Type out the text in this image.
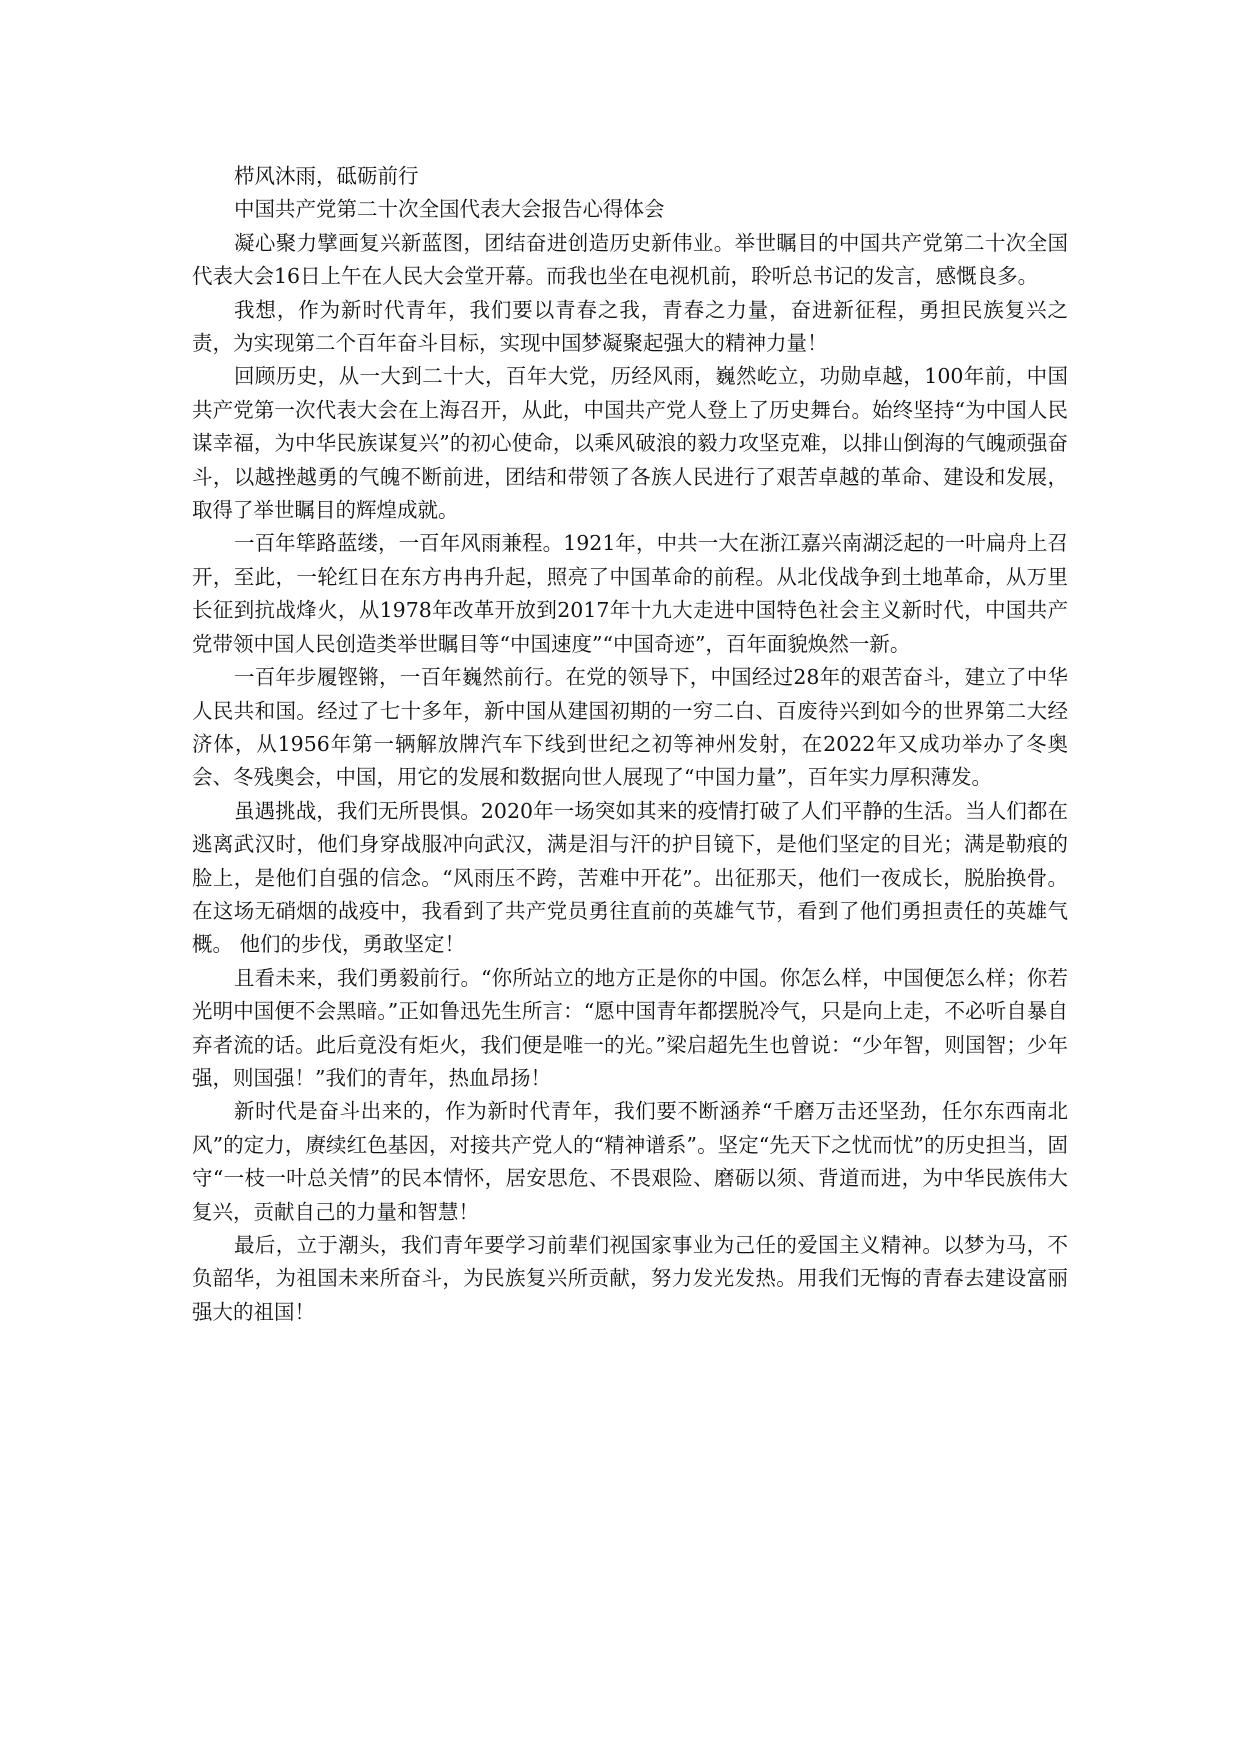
栉风沐雨，砥砺前行

中国共产党第二十次全国代表大会报告心得体会

凝心聚力擘画复兴新蓝图，团结奋进创造历史新伟业。举世瞩目的中国共产党第二十次全国代表大会16日上午在人民大会堂开幕。而我也坐在电视机前，聆听总书记的发言，感慨良多。

我想，作为新时代青年，我们要以青春之我，青春之力量，奋进新征程，勇担民族复兴之责，为实现第二个百年奋斗目标，实现中国梦凝聚起强大的精神力量！

回顾历史，从一大到二十大，百年大党，历经风雨，巍然屹立，功勋卓越，100年前，中国共产党第一次代表大会在上海召开，从此，中国共产党人登上了历史舞台。始终坚持“为中国人民谋幸福，为中华民族谋复兴”的初心使命，以乘风破浪的毅力攻坚克难，以排山倒海的气魄顽强奋斗，以越挫越勇的气魄不断前进，团结和带领了各族人民进行了艰苦卓越的革命、建设和发展，取得了举世瞩目的辉煌成就。

一百年筚路蓝缕，一百年风雨兼程。1921年，中共一大在浙江嘉兴南湖泛起的一叶扁舟上召开，至此，一轮红日在东方冉冉升起，照亮了中国革命的前程。从北伐战争到土地革命，从万里长征到抗战烽火，从1978年改革开放到2017年十九大走进中国特色社会主义新时代，中国共产党带领中国人民创造类举世瞩目等“中国速度”“中国奇迹”，百年面貌焕然一新。

一百年步履铿锵，一百年巍然前行。在党的领导下，中国经过28年的艰苦奋斗，建立了中华人民共和国。经过了七十多年，新中国从建国初期的一穷二白、百废待兴到如今的世界第二大经济体，从1956年第一辆解放牌汽车下线到世纪之初等神州发射，在2022年又成功举办了冬奥会、冬残奥会，中国，用它的发展和数据向世人展现了“中国力量”，百年实力厚积薄发。

虽遇挑战，我们无所畏惧。2020年一场突如其来的疫情打破了人们平静的生活。当人们都在逃离武汉时，他们身穿战服冲向武汉，满是泪与汗的护目镜下，是他们坚定的目光；满是勒痕的脸上，是他们自强的信念。“风雨压不跨，苦难中开花”。出征那天，他们一夜成长，脱胎换骨。在这场无硝烟的战疫中，我看到了共产党员勇往直前的英雄气节，看到了他们勇担责任的英雄气概。 他们的步伐，勇敢坚定！

且看未来，我们勇毅前行。“你所站立的地方正是你的中国。你怎么样，中国便怎么样；你若光明中国便不会黑暗。”正如鲁迅先生所言：“愿中国青年都摆脱冷气，只是向上走，不必听自暴自弃者流的话。此后竟没有炬火，我们便是唯一的光。”梁启超先生也曾说：“少年智，则国智；少年强，则国强！”我们的青年，热血昂扬！

新时代是奋斗出来的，作为新时代青年，我们要不断涵养“千磨万击还坚劲，任尔东西南北风”的定力，赓续红色基因，对接共产党人的“精神谱系”。坚定“先天下之忧而忧”的历史担当，固守“一枝一叶总关情”的民本情怀，居安思危、不畏艰险、磨砺以须、背道而进，为中华民族伟大复兴，贡献自己的力量和智慧！

最后，立于潮头，我们青年要学习前辈们视国家事业为己任的爱国主义精神。以梦为马，不负韶华，为祖国未来所奋斗，为民族复兴所贡献，努力发光发热。用我们无悔的青春去建设富丽强大的祖国！
